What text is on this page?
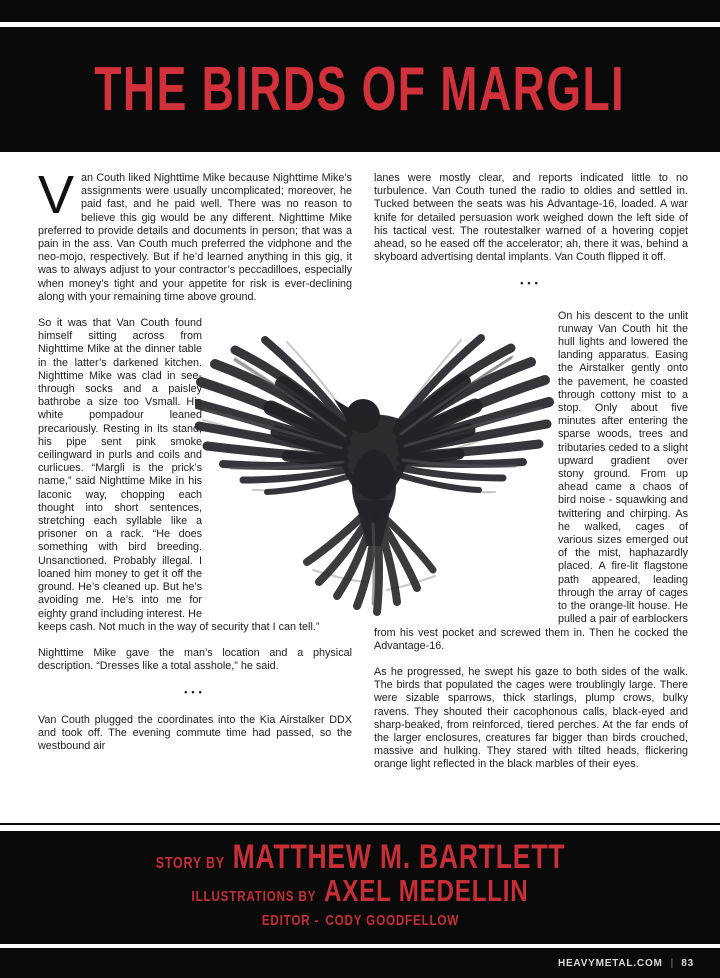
THE BIRDS OF MARGLI

Van Couth liked Nighttime Mike because Nighttime Mike’s assignments were usually uncomplicated; moreover, he paid fast, and he paid well. There was no reason to believe this gig would be any different. Nighttime Mike preferred to provide details and documents in person; that was a pain in the ass. Van Couth much preferred the vidphone and the neo-mojo, respectively. But if he’d learned anything in this gig, it was to always adjust to your contractor’s peccadilloes, especially when money’s tight and your appetite for risk is ever-declining along with your remaining time above ground.

So it was that Van Couth found himself sitting across from Nighttime Mike at the dinner table in the latter’s darkened kitchen. Nighttime Mike was clad in see-through socks and a paisley bathrobe a size too Vsmall. His white pompadour leaned precariously. Resting in its stand, his pipe sent pink smoke ceilingward in purls and coils and curlicues. “Margli is the prick’s name,” said Nighttime Mike in his laconic way, chopping each thought into short sentences, stretching each syllable like a prisoner on a rack. “He does something with bird breeding. Unsanctioned. Probably illegal. I loaned him money to get it off the ground. He’s cleaned up. But he’s avoiding me. He’s into me for eighty grand including interest. He keeps cash. Not much in the way of security that I can tell.”

Nighttime Mike gave the man’s location and a physical description. “Dresses like a total asshole,” he said.

•••

Van Couth plugged the coordinates into the Kia Airstalker DDX and took off. The evening commute time had passed, so the westbound air

lanes were mostly clear, and reports indicated little to no turbulence. Van Couth tuned the radio to oldies and settled in. Tucked between the seats was his Advantage-16, loaded. A war knife for detailed persuasion work weighed down the left side of his tactical vest. The routestalker warned of a hovering copjet ahead, so he eased off the accelerator; ah, there it was, behind a skyboard advertising dental implants. Van Couth flipped it off.

•••

On his descent to the unlit runway Van Couth hit the hull lights and lowered the landing apparatus. Easing the Airstalker gently onto the pavement, he coasted through cottony mist to a stop. Only about five minutes after entering the sparse woods, trees and tributaries ceded to a slight upward gradient over stony ground. From up ahead came a chaos of bird noise - squawking and twittering and chirping. As he walked, cages of various sizes emerged out of the mist, haphazardly placed. A fire-lit flagstone path appeared, leading through the array of cages to the orange-lit house. He pulled a pair of earblockers from his vest pocket and screwed them in. Then he cocked the Advantage-16.

As he progressed, he swept his gaze to both sides of the walk. The birds that populated the cages were troublingly large. There were sizable sparrows, thick starlings, plump crows, bulky ravens. They shouted their cacophonous calls, black-eyed and sharp-beaked, from reinforced, tiered perches. At the far ends of the larger enclosures, creatures far bigger than birds crouched, massive and hulking. They stared with tilted heads, flickering orange light reflected in the black marbles of their eyes.

STORY BY MATTHEW M. BARTLETT
ILLUSTRATIONS BY AXEL MEDELLIN
EDITOR - CODY GOODFELLOW
HEAVYMETAL.COM | 83
